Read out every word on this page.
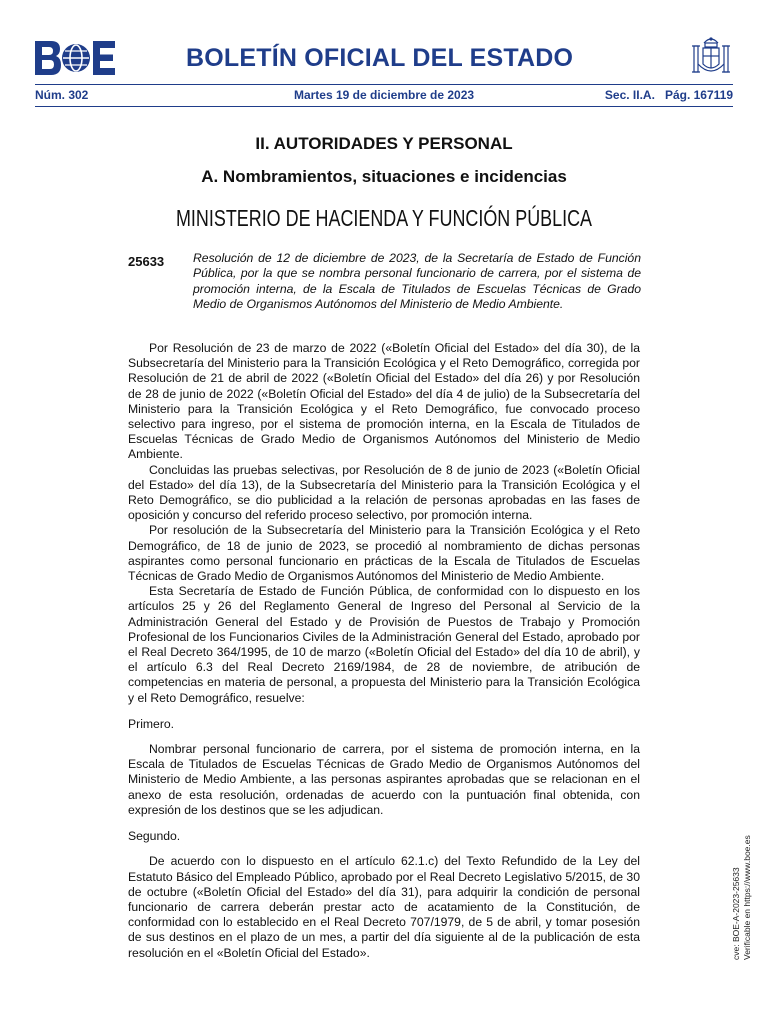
BOLETÍN OFICIAL DEL ESTADO
Núm. 302	Martes 19 de diciembre de 2023	Sec. II.A. Pág. 167119
II. AUTORIDADES Y PERSONAL
A. Nombramientos, situaciones e incidencias
MINISTERIO DE HACIENDA Y FUNCIÓN PÚBLICA
25633 Resolución de 12 de diciembre de 2023, de la Secretaría de Estado de Función Pública, por la que se nombra personal funcionario de carrera, por el sistema de promoción interna, de la Escala de Titulados de Escuelas Técnicas de Grado Medio de Organismos Autónomos del Ministerio de Medio Ambiente.

Por Resolución de 23 de marzo de 2022 («Boletín Oficial del Estado» del día 30), de la Subsecretaría del Ministerio para la Transición Ecológica y el Reto Demográfico, corregida por Resolución de 21 de abril de 2022 («Boletín Oficial del Estado» del día 26) y por Resolución de 28 de junio de 2022 («Boletín Oficial del Estado» del día 4 de julio) de la Subsecretaría del Ministerio para la Transición Ecológica y el Reto Demográfico, fue convocado proceso selectivo para ingreso, por el sistema de promoción interna, en la Escala de Titulados de Escuelas Técnicas de Grado Medio de Organismos Autónomos del Ministerio de Medio Ambiente.

Concluidas las pruebas selectivas, por Resolución de 8 de junio de 2023 («Boletín Oficial del Estado» del día 13), de la Subsecretaría del Ministerio para la Transición Ecológica y el Reto Demográfico, se dio publicidad a la relación de personas aprobadas en las fases de oposición y concurso del referido proceso selectivo, por promoción interna.

Por resolución de la Subsecretaría del Ministerio para la Transición Ecológica y el Reto Demográfico, de 18 de junio de 2023, se procedió al nombramiento de dichas personas aspirantes como personal funcionario en prácticas de la Escala de Titulados de Escuelas Técnicas de Grado Medio de Organismos Autónomos del Ministerio de Medio Ambiente.

Esta Secretaría de Estado de Función Pública, de conformidad con lo dispuesto en los artículos 25 y 26 del Reglamento General de Ingreso del Personal al Servicio de la Administración General del Estado y de Provisión de Puestos de Trabajo y Promoción Profesional de los Funcionarios Civiles de la Administración General del Estado, aprobado por el Real Decreto 364/1995, de 10 de marzo («Boletín Oficial del Estado» del día 10 de abril), y el artículo 6.3 del Real Decreto 2169/1984, de 28 de noviembre, de atribución de competencias en materia de personal, a propuesta del Ministerio para la Transición Ecológica y el Reto Demográfico, resuelve:

Primero.

Nombrar personal funcionario de carrera, por el sistema de promoción interna, en la Escala de Titulados de Escuelas Técnicas de Grado Medio de Organismos Autónomos del Ministerio de Medio Ambiente, a las personas aspirantes aprobadas que se relacionan en el anexo de esta resolución, ordenadas de acuerdo con la puntuación final obtenida, con expresión de los destinos que se les adjudican.

Segundo.

De acuerdo con lo dispuesto en el artículo 62.1.c) del Texto Refundido de la Ley del Estatuto Básico del Empleado Público, aprobado por el Real Decreto Legislativo 5/2015, de 30 de octubre («Boletín Oficial del Estado» del día 31), para adquirir la condición de personal funcionario de carrera deberán prestar acto de acatamiento de la Constitución, de conformidad con lo establecido en el Real Decreto 707/1979, de 5 de abril, y tomar posesión de sus destinos en el plazo de un mes, a partir del día siguiente al de la publicación de esta resolución en el «Boletín Oficial del Estado».	cve: BOE-A-2023-25633 Verificable en https://www.boe.es
